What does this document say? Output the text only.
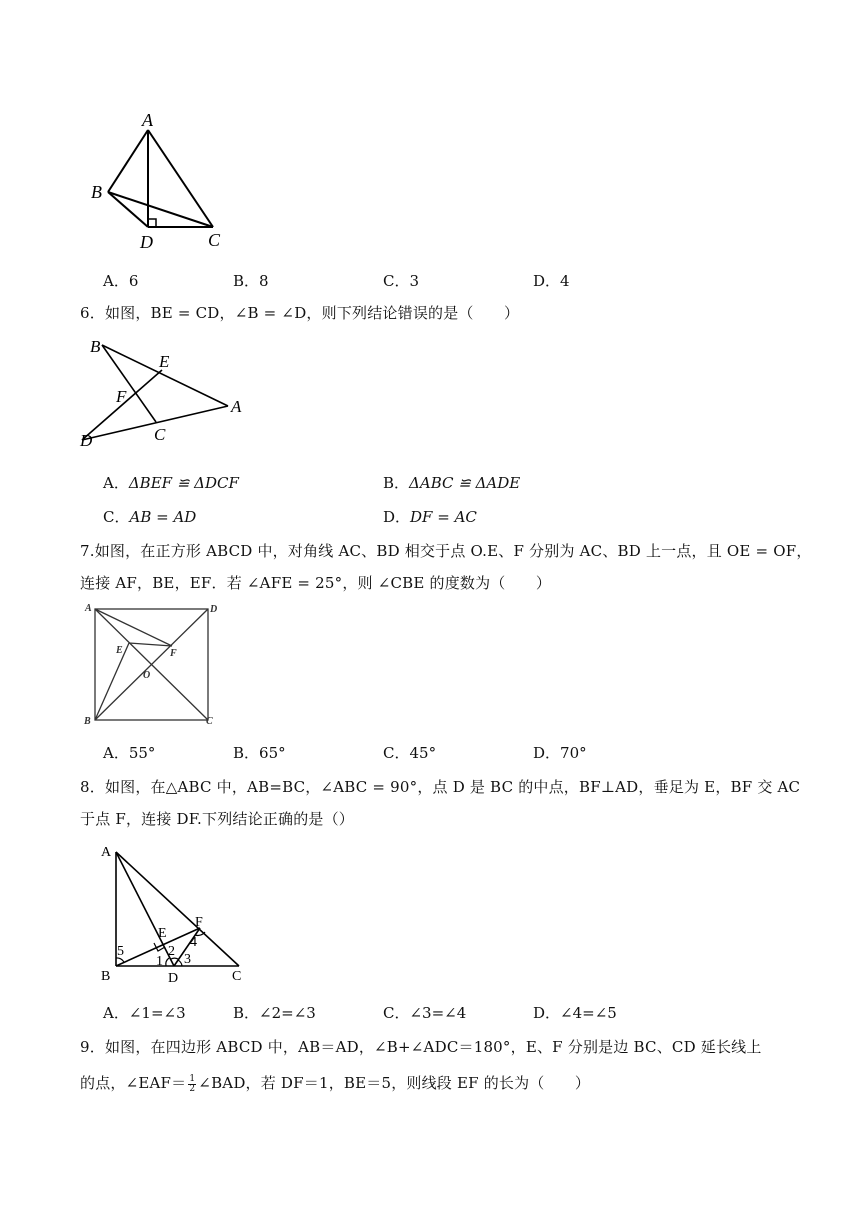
A
B
D	C
A．6	B．8	C．3	D．4
6．如图，BE = CD，∠B = ∠D，则下列结论错误的是（　　）
B
E
F
A
D	C
A．ΔBEF ≌ ΔDCF	B．ΔABC ≌ ΔADE
C．AB = AD	D．DF = AC
7.如图，在正方形 ABCD 中，对角线 AC、BD 相交于点 O.E、F 分别为 AC、BD 上一点，且 OE = OF，
连接 AF，BE，EF．若 ∠AFE = 25°，则 ∠CBE 的度数为（　　）
A	D
E	F
O
B	C
A．55°	B．65°	C．45°	D．70°
8．如图，在△ABC 中，AB=BC，∠ABC = 90°，点 D 是 BC 的中点，BF⊥AD，垂足为 E，BF 交 AC
于点 F，连接 DF.下列结论正确的是（）
A
E
F
B	D	C
1
2
3
4
5
A．∠1=∠3	B．∠2=∠3	C．∠3=∠4	D．∠4=∠5
9．如图，在四边形 ABCD 中，AB＝AD，∠B+∠ADC＝180°，E、F 分别是边 BC、CD 延长线上
的点，∠EAF＝ $\frac{1}{2}$ ∠BAD，若 DF＝1，BE＝5，则线段 EF 的长为（　　）
